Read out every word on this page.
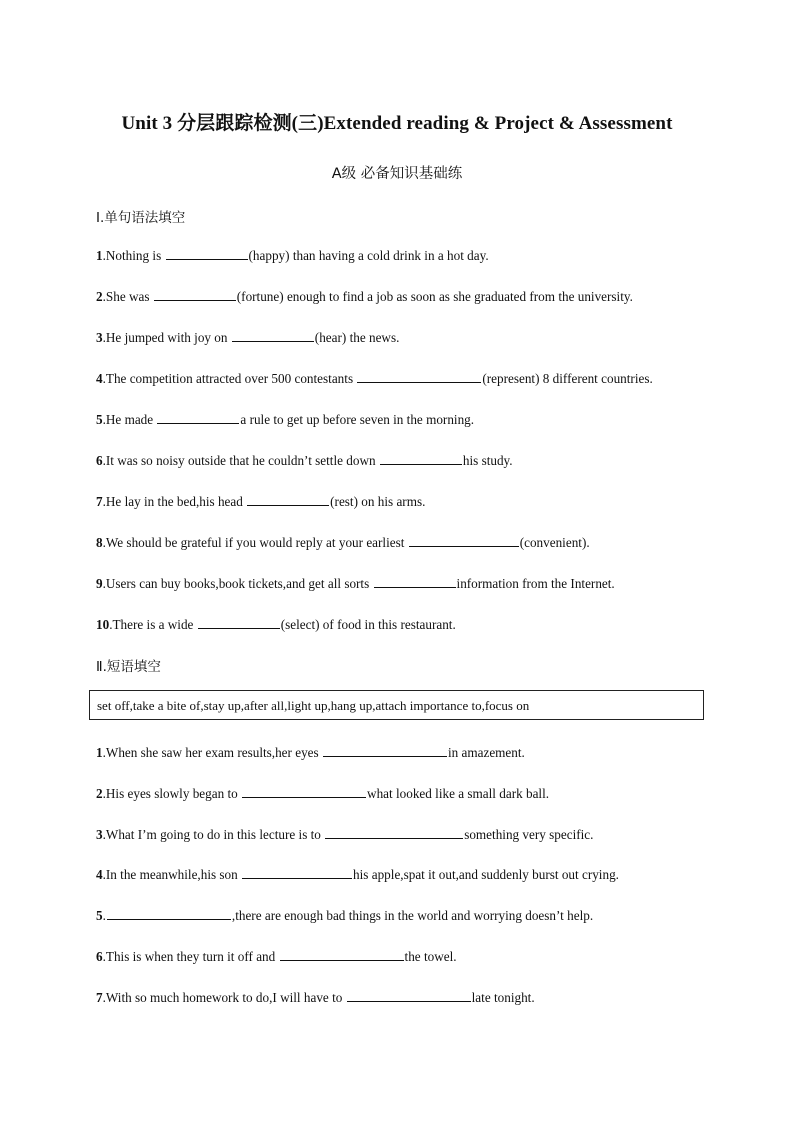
Unit 3 分层跟踪检测(三)Extended reading & Project & Assessment
A级 必备知识基础练
Ⅰ.单句语法填空
1.Nothing is	(happy) than having a cold drink in a hot day.
2.She was	(fortune) enough to find a job as soon as she graduated from the university.
3.He jumped with joy on	(hear) the news.
4.The competition attracted over 500 contestants	(represent) 8 different countries.
5.He made	a rule to get up before seven in the morning.
6.It was so noisy outside that he couldn’t settle down	his study.
7.He lay in the bed,his head	(rest) on his arms.
8.We should be grateful if you would reply at your earliest	(convenient).
9.Users can buy books,book tickets,and get all sorts	information from the Internet.
10.There is a wide	(select) of food in this restaurant.
Ⅱ.短语填空
set off,take a bite of,stay up,after all,light up,hang up,attach importance to,focus on
1.When she saw her exam results,her eyes	in amazement.
2.His eyes slowly began to	what looked like a small dark ball.
3.What I’m going to do in this lecture is to	something very specific.
4.In the meanwhile,his son	his apple,spat it out,and suddenly burst out crying.
5.	,there are enough bad things in the world and worrying doesn’t help.
6.This is when they turn it off and	the towel.
7.With so much homework to do,I will have to	late tonight.
